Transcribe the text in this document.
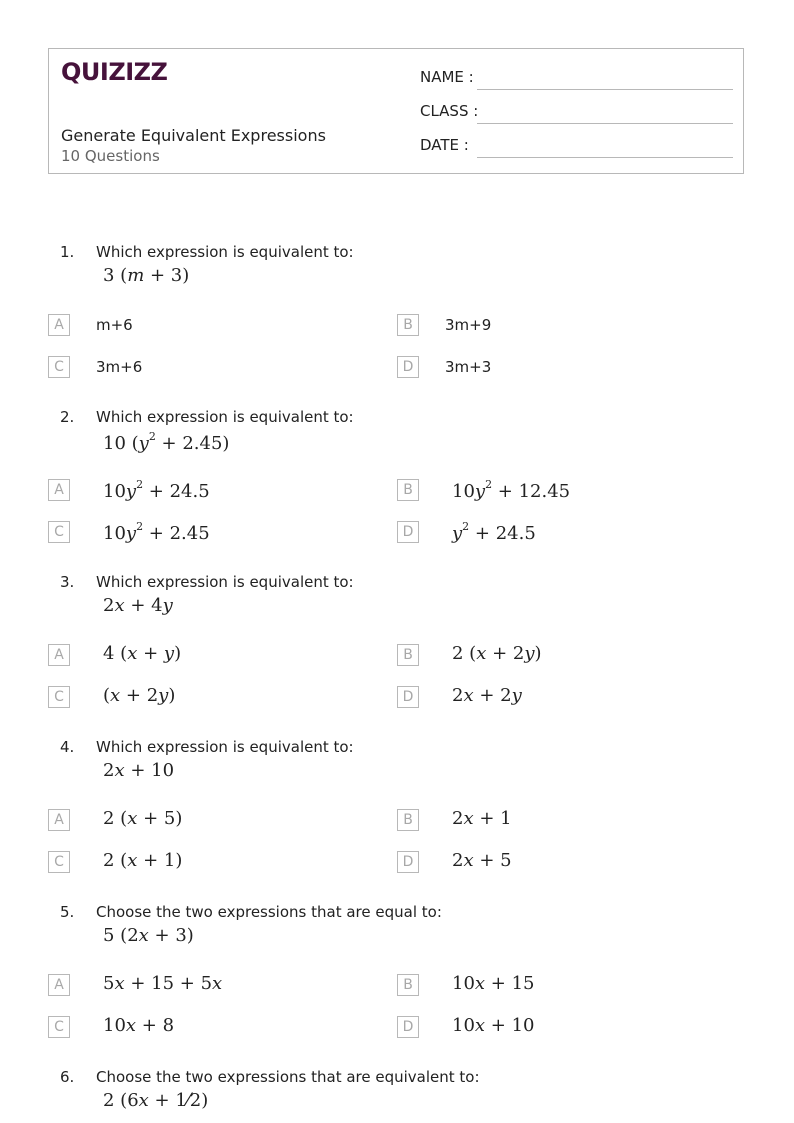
QUIZIZZ
Generate Equivalent Expressions
10 Questions
NAME :
CLASS :
DATE :
1. Which expression is equivalent to:
3 (m + 3)
A	m+6	B	3m+9
C	3m+6	D	3m+3
2. Which expression is equivalent to:
10 $(y^2 + 2.45)$
A	$10y^2 + 24.5$	B	$10y^2 + 12.45$
C	$10y^2 + 2.45$	D	$y^2 + 24.5$
3. Which expression is equivalent to:
2x + 4y
A	4 (x + y)	B	2 (x + 2y)
C	(x + 2y)	D	2x + 2y
4. Which expression is equivalent to:
2x + 10
A	2 (x + 5)	B	2x + 1
C	2 (x + 1)	D	2x + 5
5. Choose the two expressions that are equal to:
5 (2x + 3)
A	5x + 15 + 5x	B	10x + 15
C	10x + 8	D	10x + 10
6. Choose the two expressions that are equivalent to:
2 (6x + 1⁄2)
